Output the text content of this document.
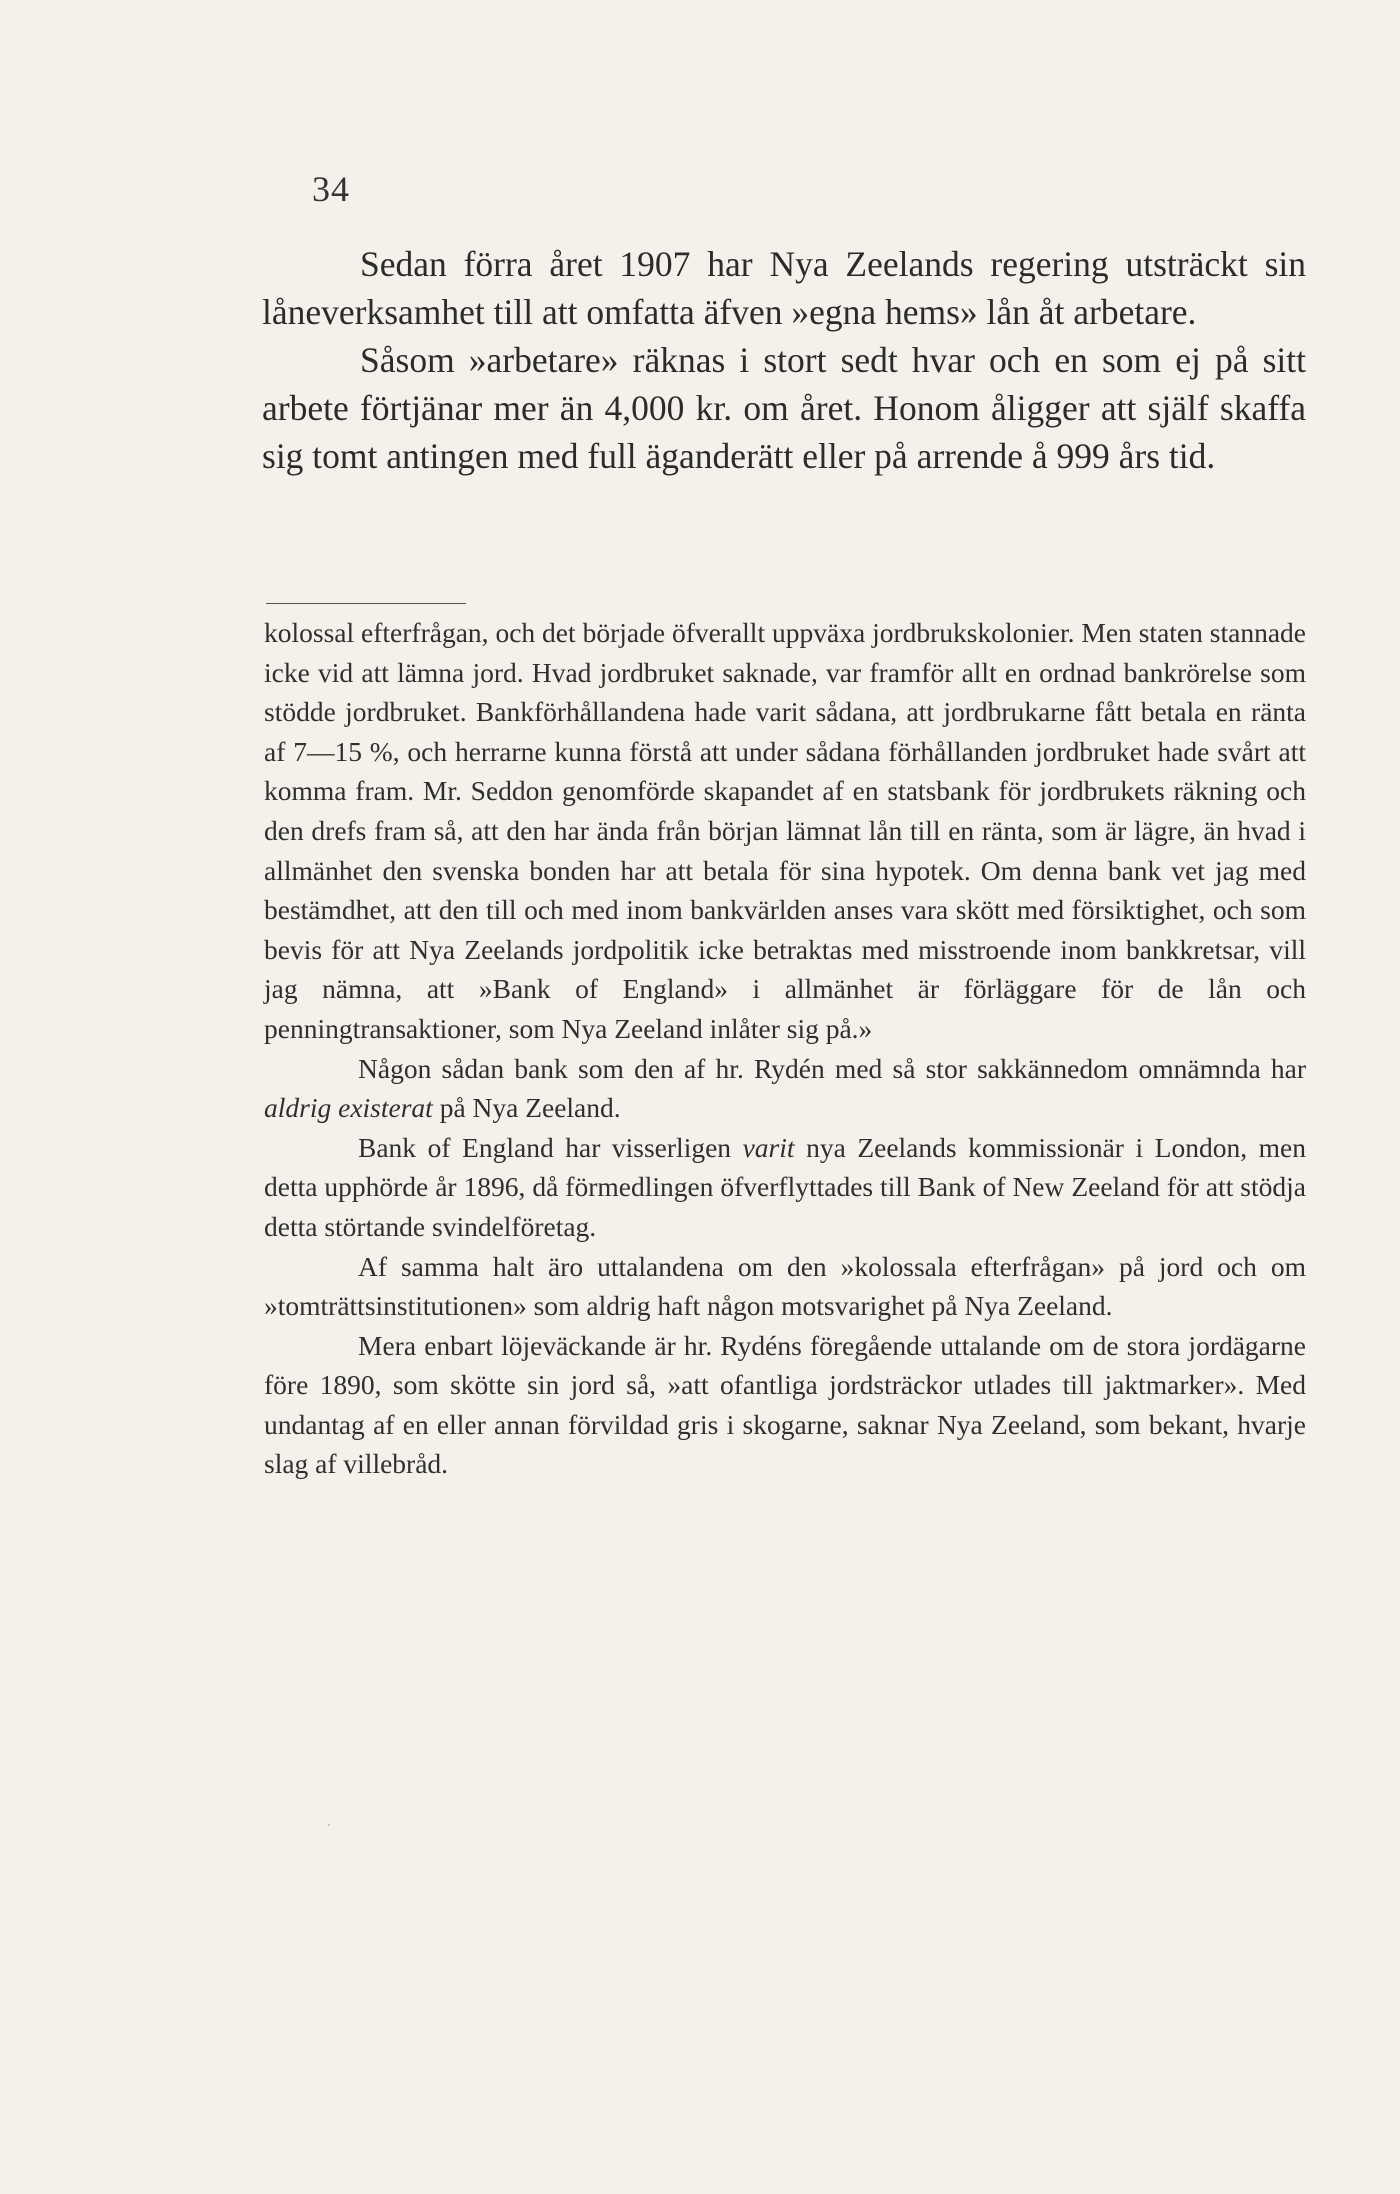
34

Sedan förra året 1907 har Nya Zeelands regering utsträckt sin låneverksamhet till att omfatta äfven »egna hems» lån åt arbetare.

Såsom »arbetare» räknas i stort sedt hvar och en som ej på sitt arbete förtjänar mer än 4,000 kr. om året. Honom åligger att själf skaffa sig tomt antingen med full äganderätt eller på arrende å 999 års tid.

kolossal efterfrågan, och det började öfverallt uppväxa jordbrukskolonier. Men staten stannade icke vid att lämna jord. Hvad jordbruket saknade, var framför allt en ordnad bankrörelse som stödde jordbruket. Bankförhållandena hade varit sådana, att jordbrukarne fått betala en ränta af 7—15 %, och herrarne kunna förstå att under sådana förhållanden jordbruket hade svårt att komma fram. Mr. Seddon genomförde skapandet af en statsbank för jordbrukets räkning och den drefs fram så, att den har ända från början lämnat lån till en ränta, som är lägre, än hvad i allmänhet den svenska bonden har att betala för sina hypotek. Om denna bank vet jag med bestämdhet, att den till och med inom bankvärlden anses vara skött med försiktighet, och som bevis för att Nya Zeelands jordpolitik icke betraktas med misstroende inom bankkretsar, vill jag nämna, att »Bank of England» i allmänhet är förläggare för de lån och penningtransaktioner, som Nya Zeeland inlåter sig på.»

Någon sådan bank som den af hr. Rydén med så stor sakkännedom omnämnda har aldrig existerat på Nya Zeeland.

Bank of England har visserligen varit nya Zeelands kommissionär i London, men detta upphörde år 1896, då förmedlingen öfverflyttades till Bank of New Zeeland för att stödja detta störtande svindelföretag.

Af samma halt äro uttalandena om den »kolossala efterfrågan» på jord och om »tomträttsinstitutionen» som aldrig haft någon motsvarighet på Nya Zeeland.

Mera enbart löjeväckande är hr. Rydéns föregående uttalande om de stora jordägarne före 1890, som skötte sin jord så, »att ofantliga jordsträckor utlades till jaktmarker». Med undantag af en eller annan förvildad gris i skogarne, saknar Nya Zeeland, som bekant, hvarje slag af villebråd.
